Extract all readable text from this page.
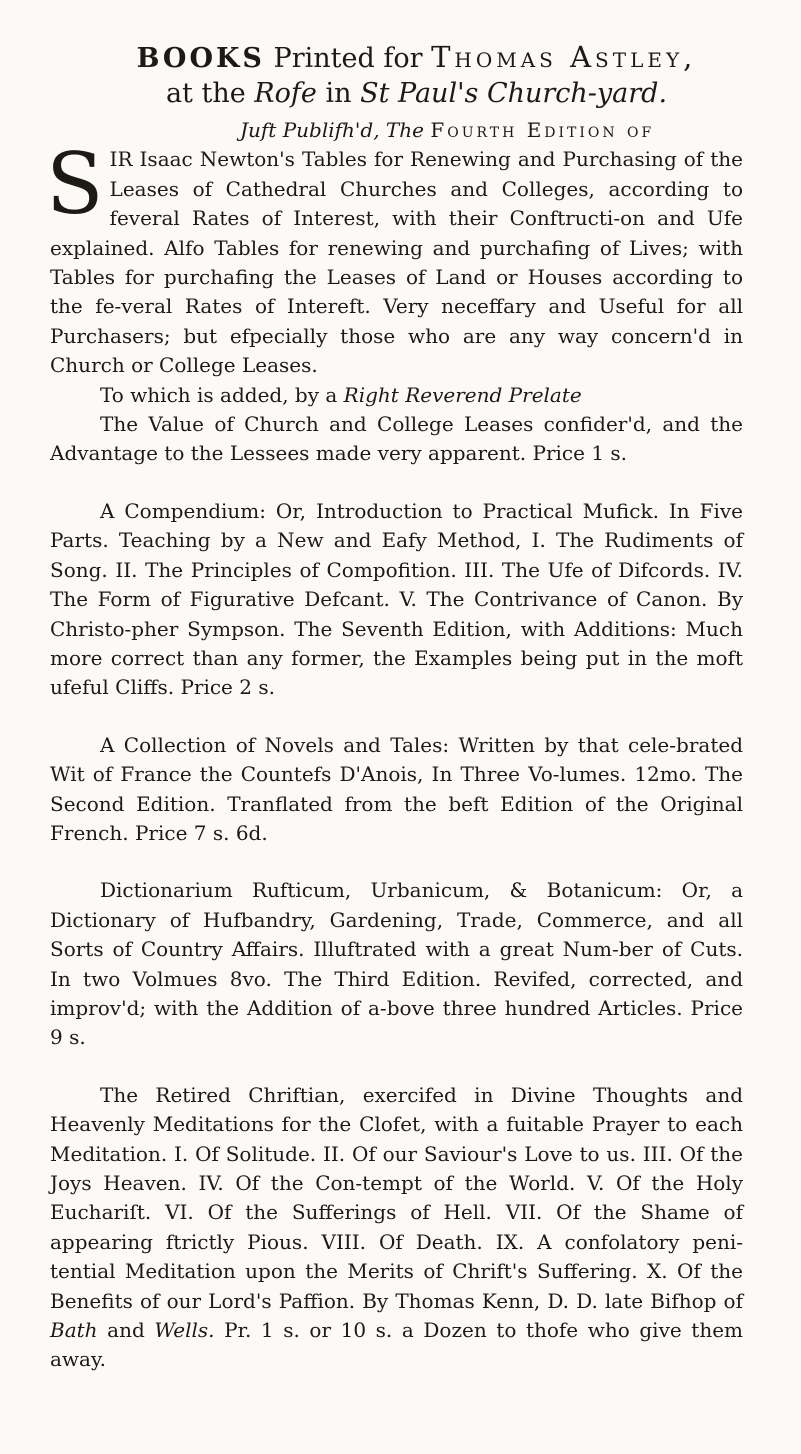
BOOKS Printed for Thomas Astley,
at the Rofe in St Paul's Church-yard.

Juft Publifh'd, The Fourth Edition of

S IR Isaac Newton's Tables for Renewing and Purchasing of the Leases of Cathedral Churches and Colleges, according to feveral Rates of Interest, with their Conftructi-on and Ufe explained. Alfo Tables for renewing and purchafing of Lives; with Tables for purchafing the Leases of Land or Houses according to the fe-veral Rates of Intereft. Very neceffary and Useful for all Purchasers; but efpecially those who are any way concern'd in Church or College Leases.

To which is added, by a Right Reverend Prelate

The Value of Church and College Leases confider'd, and the Advantage to the Lessees made very apparent. Price 1 s.

A Compendium: Or, Introduction to Practical Mufick. In Five Parts. Teaching by a New and Eafy Method, I. The Rudiments of Song. II. The Principles of Compofition. III. The Ufe of Difcords. IV. The Form of Figurative Defcant. V. The Contrivance of Canon. By Christo-pher Sympson. The Seventh Edition, with Additions: Much more correct than any former, the Examples being put in the moft ufeful Cliffs. Price 2 s.

A Collection of Novels and Tales: Written by that cele-brated Wit of France the Countefs D'Anois, In Three Vo-lumes. 12mo. The Second Edition. Tranflated from the beft Edition of the Original French. Price 7 s. 6d.

Dictionarium Rufticum, Urbanicum, & Botanicum: Or, a Dictionary of Hufbandry, Gardening, Trade, Commerce, and all Sorts of Country Affairs. Illuftrated with a great Num-ber of Cuts. In two Volmues 8vo. The Third Edition. Revifed, corrected, and improv'd; with the Addition of a-bove three hundred Articles. Price 9 s.

The Retired Chriftian, exercifed in Divine Thoughts and Heavenly Meditations for the Clofet, with a fuitable Prayer to each Meditation. I. Of Solitude. II. Of our Saviour's Love to us. III. Of the Joys Heaven. IV. Of the Con-tempt of the World. V. Of the Holy Euchariſt. VI. Of the Sufferings of Hell. VII. Of the Shame of appearing ftrictly Pious. VIII. Of Death. IX. A confolatory peni-tential Meditation upon the Merits of Chrift's Suffering. X. Of the Benefits of our Lord's Paffion. By Thomas Kenn, D. D. late Bifhop of Bath and Wells. Pr. 1 s. or 10 s. a Dozen to thofe who give them away.
